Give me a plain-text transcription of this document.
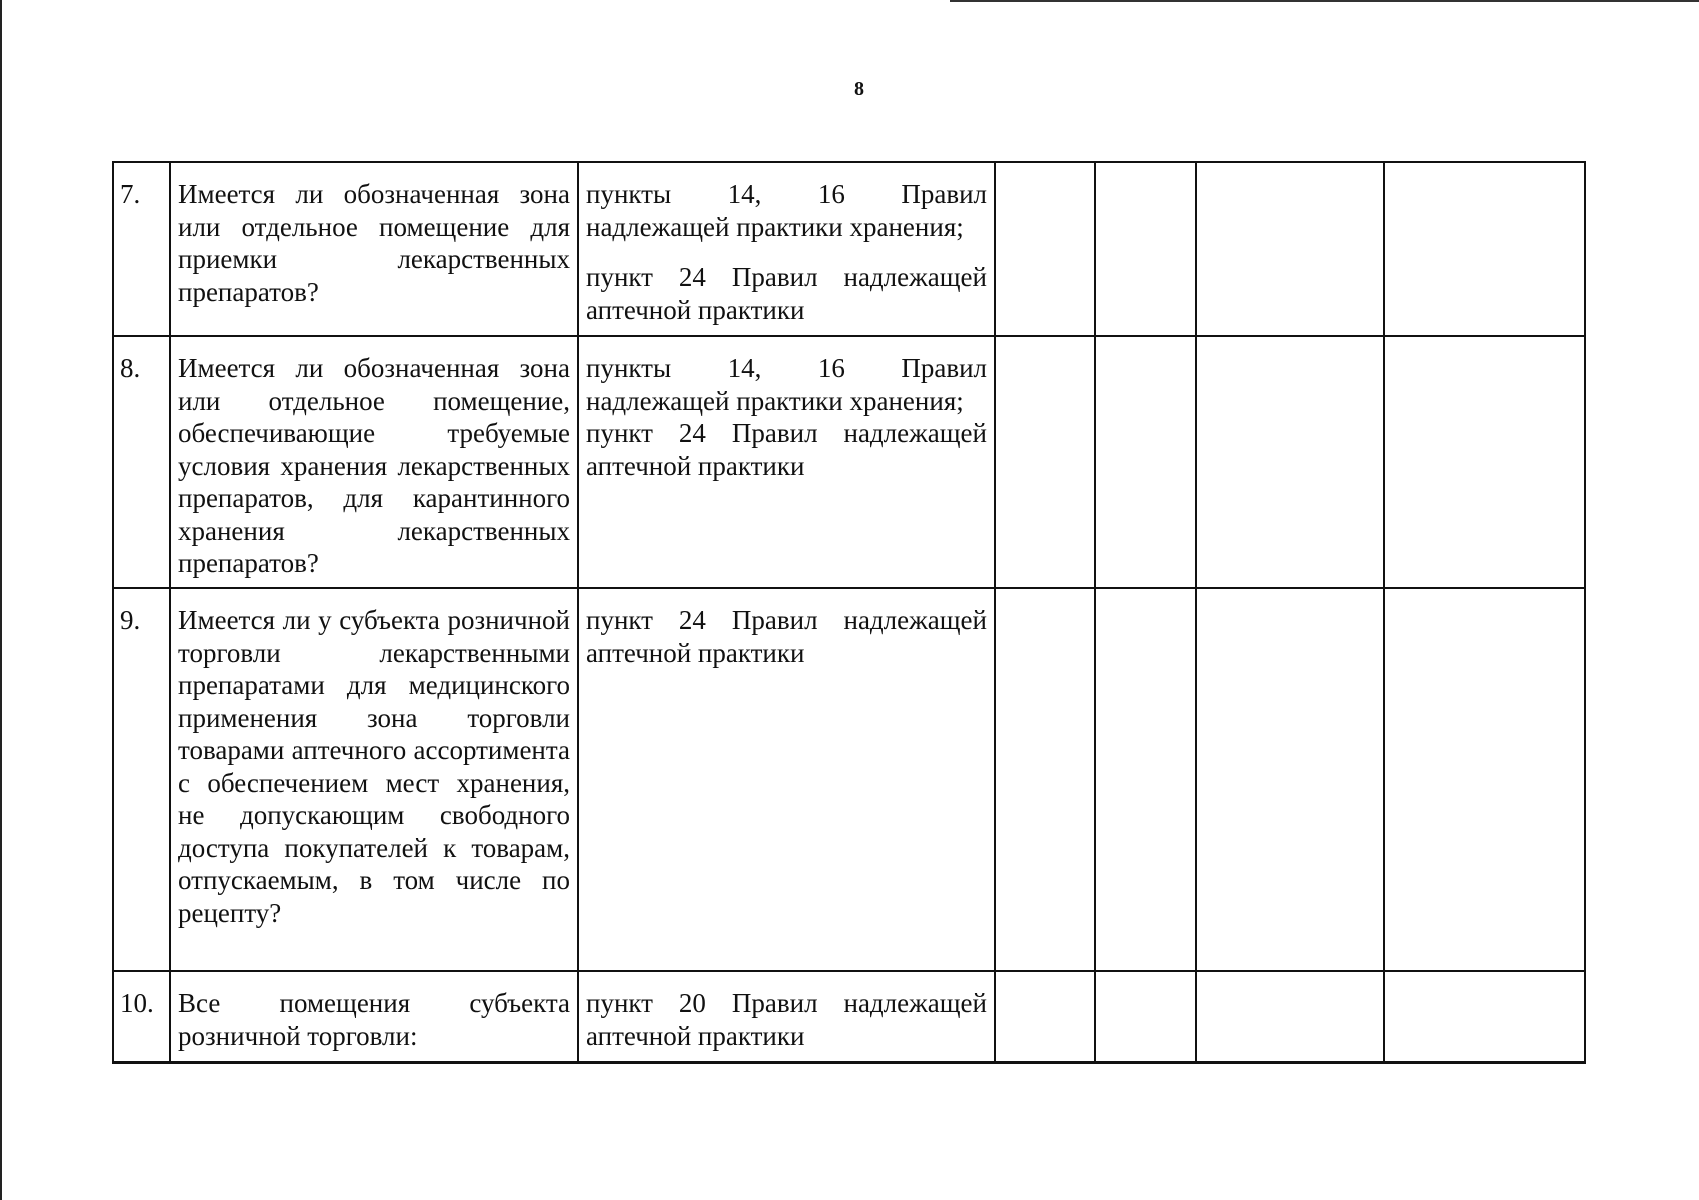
8
7.	Имеется ли обозначенная зона или отдельное помещение для приемки лекарственных препаратов?	пункты 14, 16 Правил надлежащей практики хранения;
пункт 24 Правил надлежащей аптечной практики				

8.	Имеется ли обозначенная зона или отдельное помещение, обеспечивающие требуемые условия хранения лекарственных препаратов, для карантинного хранения лекарственных препаратов?	пункты 14, 16 Правил надлежащей практики хранения;
пункт 24 Правил надлежащей аптечной практики				

9.	Имеется ли у субъекта розничной торговли лекарственными препаратами для медицинского применения зона торговли товарами аптечного ассортимента с обеспечением мест хранения, не допускающим свободного доступа покупателей к товарам, отпускаемым, в том числе по рецепту?	пункт 24 Правил надлежащей аптечной практики				

10.	Все помещения субъекта розничной торговли:	пункт 20 Правил надлежащей аптечной практики				
